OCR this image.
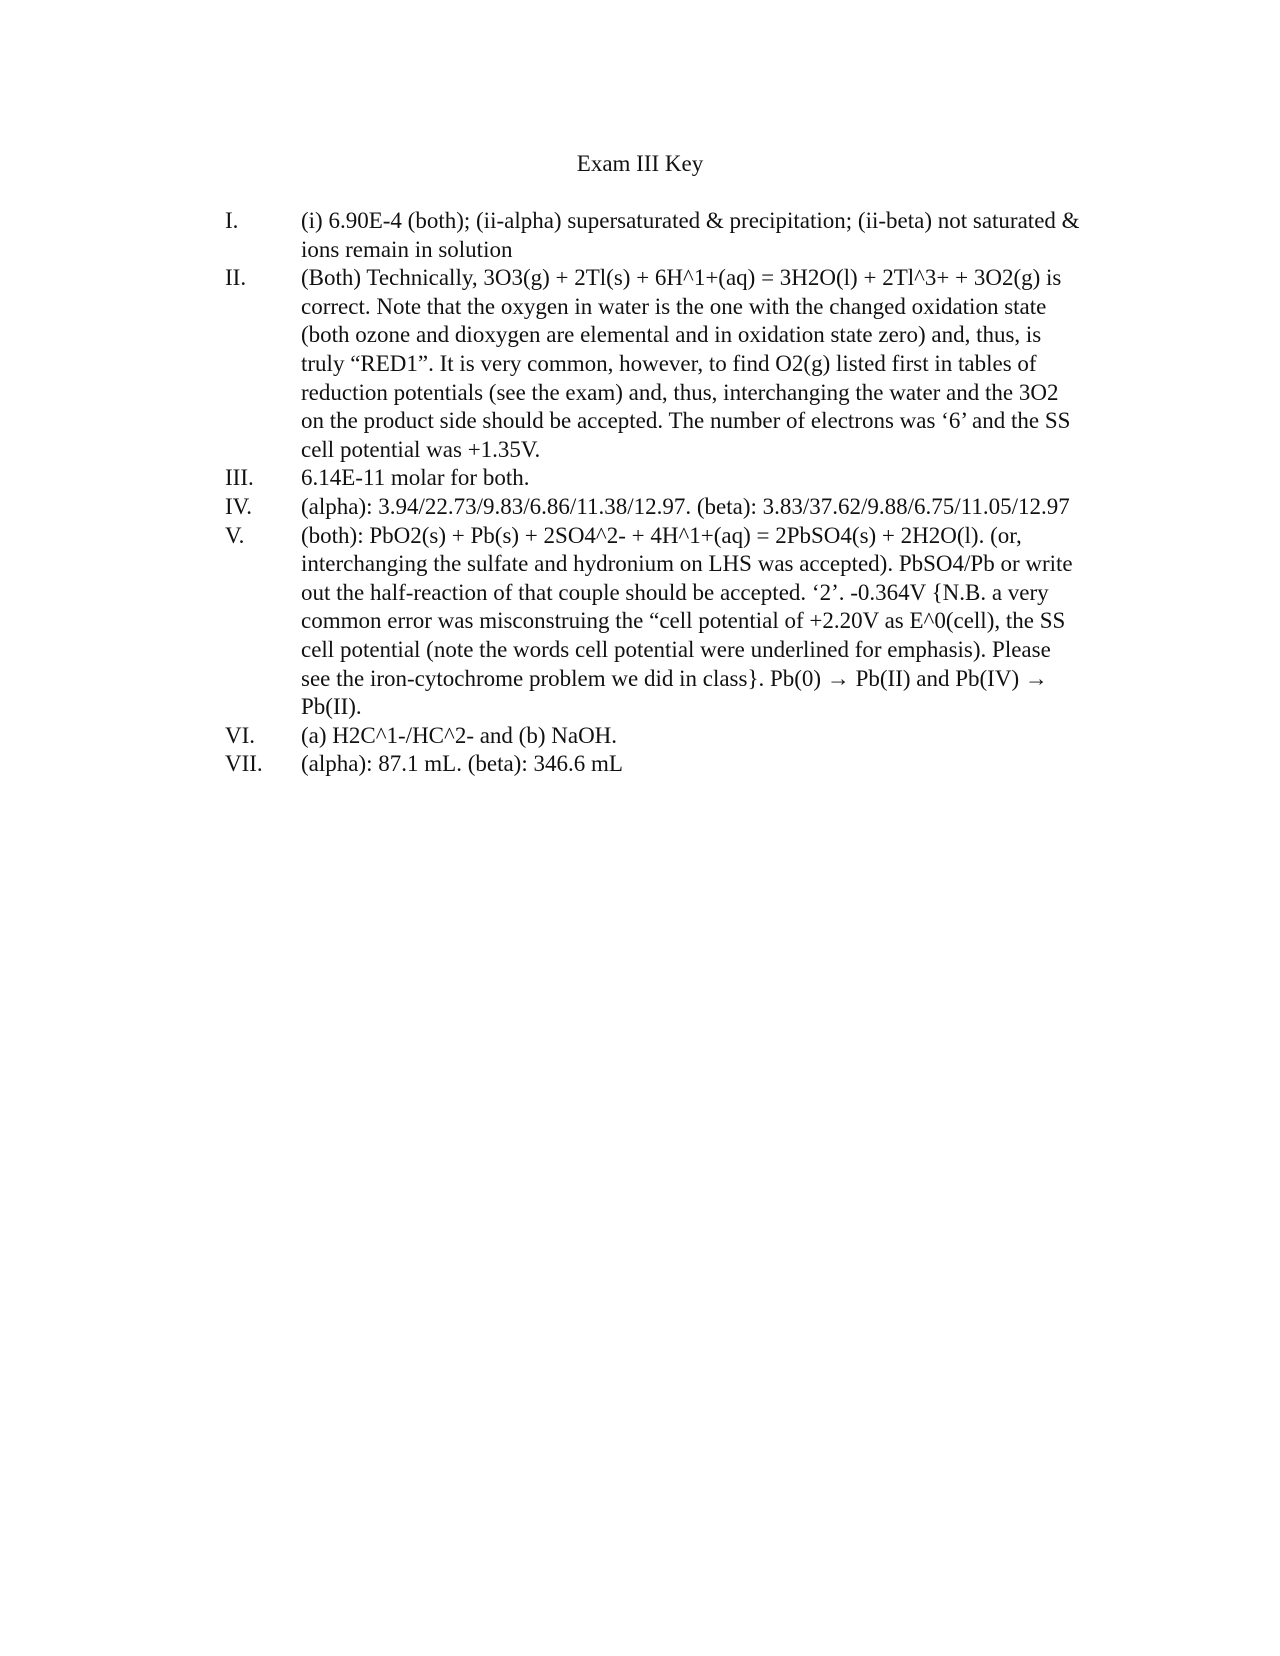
Exam III Key
I.	(i) 6.90E-4 (both); (ii-alpha) supersaturated & precipitation; (ii-beta) not saturated & ions remain in solution
II.	(Both) Technically, 3O3(g) + 2Tl(s) + 6H^1+(aq) = 3H2O(l) + 2Tl^3+ + 3O2(g) is correct. Note that the oxygen in water is the one with the changed oxidation state (both ozone and dioxygen are elemental and in oxidation state zero) and, thus, is truly “RED1”. It is very common, however, to find O2(g) listed first in tables of reduction potentials (see the exam) and, thus, interchanging the water and the 3O2 on the product side should be accepted. The number of electrons was ‘6’ and the SS cell potential was +1.35V.
III.	6.14E-11 molar for both.
IV.	(alpha): 3.94/22.73/9.83/6.86/11.38/12.97. (beta): 3.83/37.62/9.88/6.75/11.05/12.97
V.	(both): PbO2(s) + Pb(s) + 2SO4^2- + 4H^1+(aq) = 2PbSO4(s) + 2H2O(l). (or, interchanging the sulfate and hydronium on LHS was accepted). PbSO4/Pb or write out the half-reaction of that couple should be accepted. ‘2’. -0.364V {N.B. a very common error was misconstruing the “cell potential of +2.20V as E^0(cell), the SS cell potential (note the words cell potential were underlined for emphasis). Please see the iron-cytochrome problem we did in class}. Pb(0) → Pb(II) and Pb(IV) → Pb(II).
VI.	(a) H2C^1-/HC^2- and (b) NaOH.
VII.	(alpha): 87.1 mL. (beta): 346.6 mL
